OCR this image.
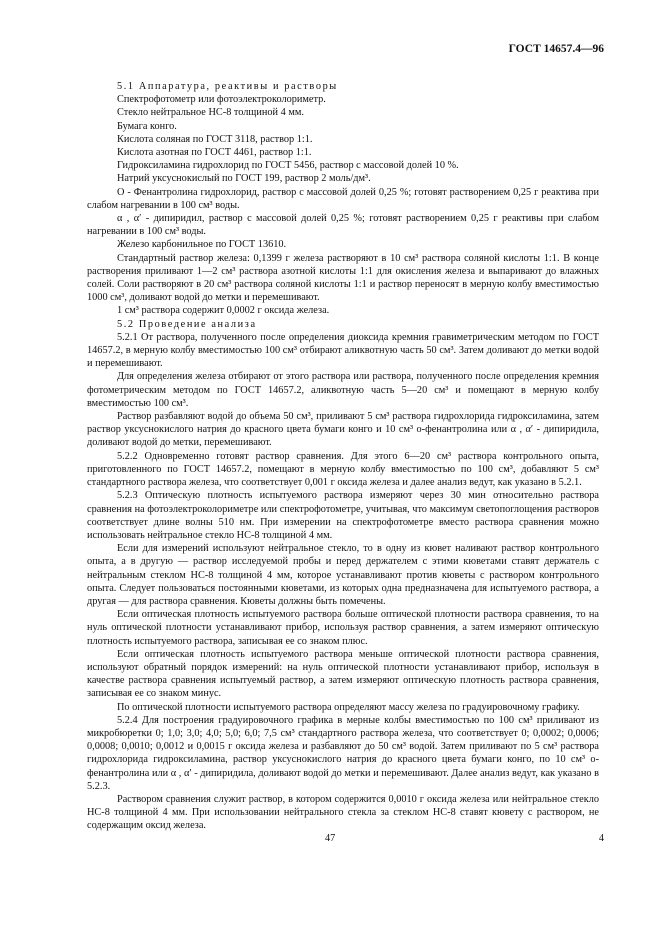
ГОСТ 14657.4—96

5.1 Аппаратура, реактивы и растворы

Спектрофотометр или фотоэлектроколориметр.

Стекло нейтральное НС-8 толщиной 4 мм.

Бумага конго.

Кислота соляная по ГОСТ 3118, раствор 1:1.

Кислота азотная по ГОСТ 4461, раствор 1:1.

Гидроксиламина гидрохлорид по ГОСТ 5456, раствор с массовой долей 10 %.

Натрий уксуснокислый по ГОСТ 199, раствор 2 моль/дм³.

О - Фенантролина гидрохлорид, раствор с массовой долей 0,25 %; готовят растворением 0,25 г реактива при слабом нагревании в 100 см³ воды.

α , α′ - дипиридил, раствор с массовой долей 0,25 %; готовят растворением 0,25 г реактивы при слабом нагревании в 100 см³ воды.

Железо карбонильное по ГОСТ 13610.

Стандартный раствор железа: 0,1399 г железа растворяют в 10 см³ раствора соляной кислоты 1:1. В конце растворения приливают 1—2 см³ раствора азотной кислоты 1:1 для окисления железа и выпаривают до влажных солей. Соли растворяют в 20 см³ раствора соляной кислоты 1:1 и раствор переносят в мерную колбу вместимостью 1000 см³, доливают водой до метки и перемешивают.

1 см³ раствора содержит 0,0002 г оксида железа.

5.2 Проведение анализа

5.2.1 От раствора, полученного после определения диоксида кремния гравиметрическим методом по ГОСТ 14657.2, в мерную колбу вместимостью 100 см³ отбирают аликвотную часть 50 см³. Затем доливают до метки водой и перемешивают.

Для определения железа отбирают от этого раствора или раствора, полученного после определения кремния фотометрическим методом по ГОСТ 14657.2, аликвотную часть 5—20 см³ и помещают в мерную колбу вместимостью 100 см³.

Раствор разбавляют водой до объема 50 см³, приливают 5 см³ раствора гидрохлорида гидроксиламина, затем раствор уксуснокислого натрия до красного цвета бумаги конго и 10 см³ о-фенантролина или α , α′ - дипиридила, доливают водой до метки, перемешивают.

5.2.2 Одновременно готовят раствор сравнения. Для этого 6—20 см³ раствора контрольного опыта, приготовленного по ГОСТ 14657.2, помещают в мерную колбу вместимостью по 100 см³, добавляют 5 см³ стандартного раствора железа, что соответствует 0,001 г оксида железа и далее анализ ведут, как указано в 5.2.1.

5.2.3 Оптическую плотность испытуемого раствора измеряют через 30 мин относительно раствора сравнения на фотоэлектроколориметре или спектрофотометре, учитывая, что максимум светопоглощения растворов соответствует длине волны 510 нм. При измерении на спектрофотометре вместо раствора сравнения можно использовать нейтральное стекло НС-8 толщиной 4 мм.

Если для измерений используют нейтральное стекло, то в одну из кювет наливают раствор контрольного опыта, а в другую — раствор исследуемой пробы и перед держателем с этими кюветами ставят держатель с нейтральным стеклом НС-8 толщиной 4 мм, которое устанавливают против кюветы с раствором контрольного опыта. Следует пользоваться постоянными кюветами, из которых одна предназначена для испытуемого раствора, а другая — для раствора сравнения. Кюветы должны быть помечены.

Если оптическая плотность испытуемого раствора больше оптической плотности раствора сравнения, то на нуль оптической плотности устанавливают прибор, используя раствор сравнения, а затем измеряют оптическую плотность испытуемого раствора, записывая ее со знаком плюс.

Если оптическая плотность испытуемого раствора меньше оптической плотности раствора сравнения, используют обратный порядок измерений: на нуль оптической плотности устанавливают прибор, используя в качестве раствора сравнения испытуемый раствор, а затем измеряют оптическую плотность раствора сравнения, записывая ее со знаком минус.

По оптической плотности испытуемого раствора определяют массу железа по градуировочному графику.

5.2.4 Для построения градуировочного графика в мерные колбы вместимостью по 100 см³ приливают из микробюретки 0; 1,0; 3,0; 4,0; 5,0; 6,0; 7,5 см³ стандартного раствора железа, что соответствует 0; 0,0002; 0,0006; 0,0008; 0,0010; 0,0012 и 0,0015 г оксида железа и разбавляют до 50 см³ водой. Затем приливают по 5 см³ раствора гидрохлорида гидроксиламина, раствор уксуснокислого натрия до красного цвета бумаги конго, по 10 см³ о-фенантролина или α , α′ - дипиридила, доливают водой до метки и перемешивают. Далее анализ ведут, как указано в 5.2.3.

Раствором сравнения служит раствор, в котором содержится 0,0010 г оксида железа или нейтральное стекло НС-8 толщиной 4 мм. При использовании нейтрального стекла за стеклом НС-8 ставят кювету с раствором, не содержащим оксид железа.

47	4
